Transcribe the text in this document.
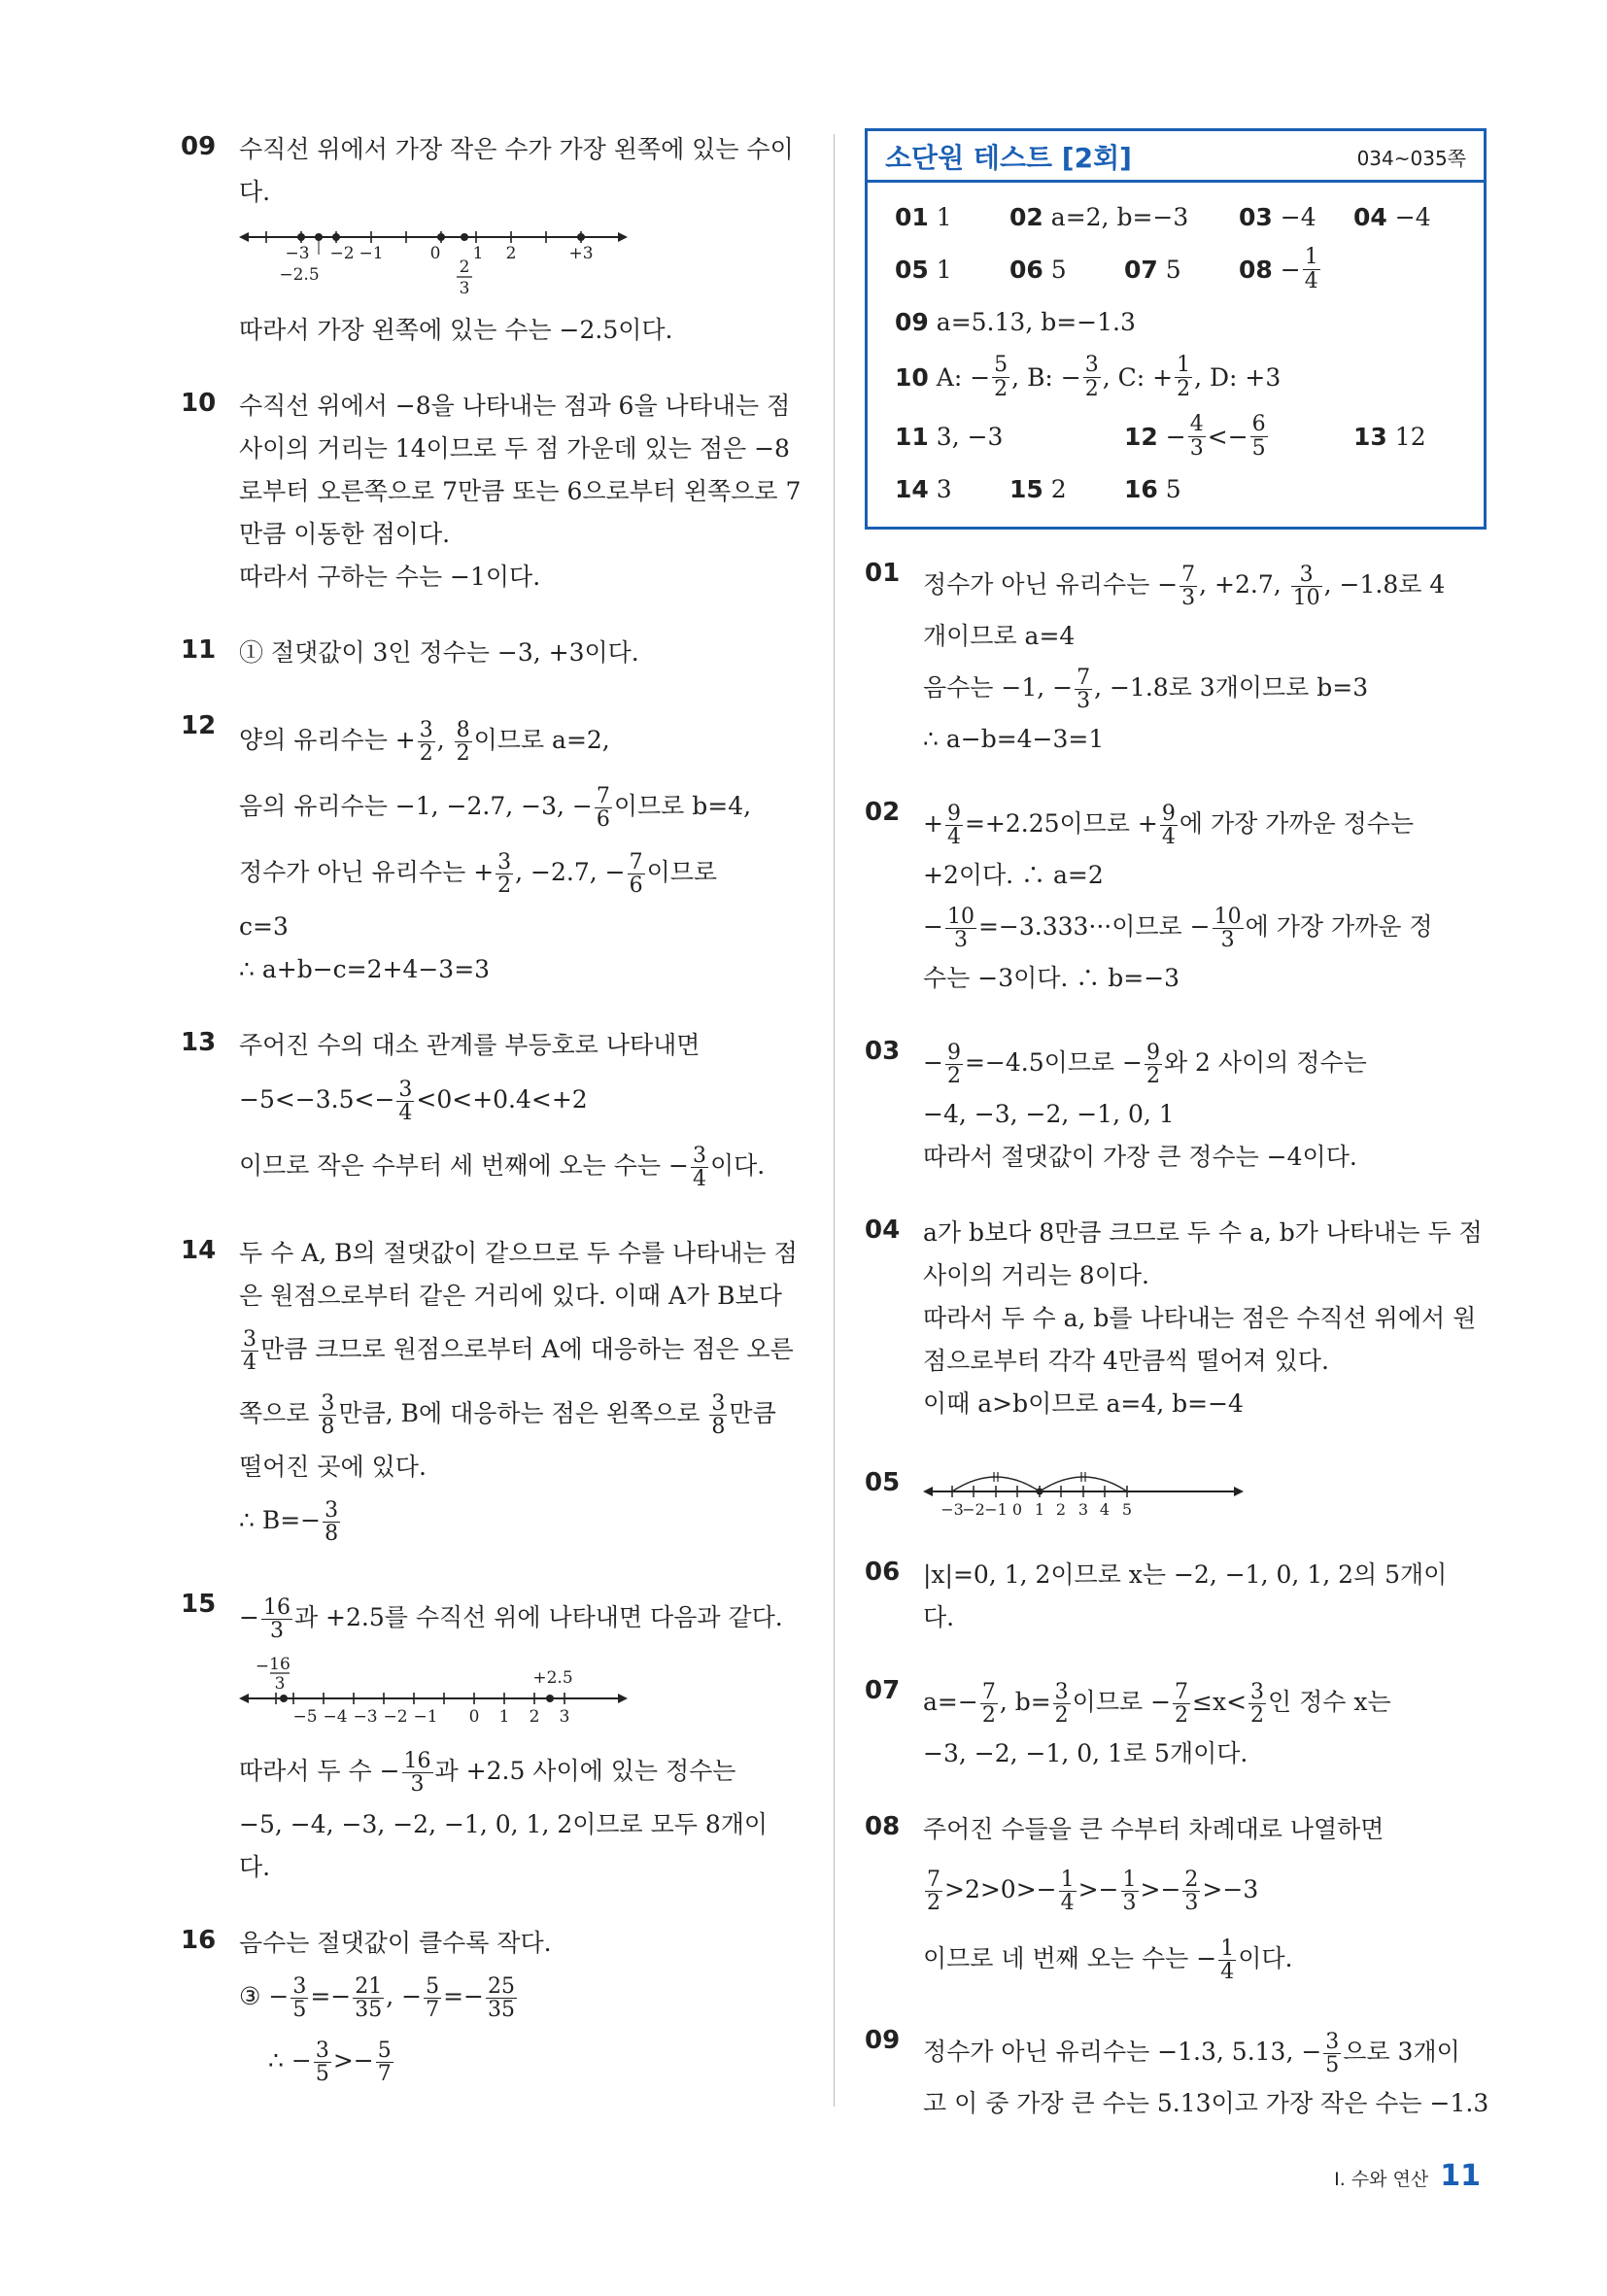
09 수직선 위에서 가장 작은 수가 가장 왼쪽에 있는 수이
다.
−3 −2 −1	0 1 2	+3
−2.5	2
3
따라서 가장 왼쪽에 있는 수는 −2.5이다.
10 수직선 위에서 −8을 나타내는 점과 6을 나타내는 점
사이의 거리는 14이므로 두 점 가운데 있는 점은 −8
로부터 오른쪽으로 7만큼 또는 6으로부터 왼쪽으로 7
만큼 이동한 점이다.
따라서 구하는 수는 −1이다.
11 ① 절댓값이 3인 정수는 −3, +3이다.
12 양의 유리수는 + $\frac{3}{2}$ , $\frac{8}{2}$ 이므로 a=2,
음의 유리수는 −1, −2.7, −3, − $\frac{7}{6}$ 이므로 b=4,
정수가 아닌 유리수는 + $\frac{3}{2}$ , −2.7, − $\frac{7}{6}$ 이므로
c=3
∴ a+b−c=2+4−3=3
13 주어진 수의 대소 관계를 부등호로 나타내면
$-5<-3.5<- \frac{3}{4} <0<+0.4<+2$
이므로 작은 수부터 세 번째에 오는 수는 − $\frac{3}{4}$ 이다.
14 두 수 A, B의 절댓값이 같으므로 두 수를 나타내는 점
은 원점으로부터 같은 거리에 있다. 이때 A가 B보다
$\frac{3}{4}$ 만큼 크므로 원점으로부터 A에 대응하는 점은 오른
쪽으로 $\frac{3}{8}$ 만큼, B에 대응하는 점은 왼쪽으로 $\frac{3}{8}$ 만큼
떨어진 곳에 있다.
∴ $B=- \frac{3}{8}$
$15 - \frac{16}{3}$ 과 +2.5를 수직선 위에 나타내면 다음과 같다.
− 16
3	+2.5
−5 −4 −3 −2 −1 0 1 2 3
따라서 두 수 − $\frac{16}{3}$ 과 +2.5 사이에 있는 정수는
−5, −4, −3, −2, −1, 0, 1, 2이므로 모두 8개이
다.
16 음수는 절댓값이 클수록 작다.
③ − $\frac{3}{5} =- \frac{21}{35}$ , − $\frac{5}{7} =- \frac{25}{35}$
∴ − $\frac{3}{5} >- \frac{5}{7}$
소단원 테스트 [2회]	034~035쪽
01 1 02 a=2, b=−3 03 −4 04 −4
05 1 06 5 07 5 $08 - \frac{1}{4}$
09 a=5.13, b=−1.3
10 A: − $\frac{5}{2}$ , B: − $\frac{3}{2}$ , C: + $\frac{1}{2}$ , D: +3
11 3, −3	$12 - \frac{4}{3} <- \frac{6}{5}$	13 12
14 3 15 2 16 5
01 정수가 아닌 유리수는 − $\frac{7}{3}$ , +2.7, $\frac{3}{10}$ , −1.8로 4
개이므로 a=4
음수는 −1, − $\frac{7}{3}$ , −1.8로 3개이므로 b=3
∴ a−b=4−3=1
$02 + \frac{9}{4} =+2.25$이므로 + $\frac{9}{4}$ 에 가장 가까운 정수는
+2이다. ∴ a=2
− $\frac{10}{3} =-3.333\cdot\cdot\cdot$이므로 − $\frac{10}{3}$ 에 가장 가까운 정
수는 −3이다. ∴ b=−3
$03 - \frac{9}{2} =-4.5$이므로 − $\frac{9}{2}$ 와 2 사이의 정수는
−4, −3, −2, −1, 0, 1
따라서 절댓값이 가장 큰 정수는 −4이다.
04 a가 b보다 8만큼 크므로 두 수 a, b가 나타내는 두 점
사이의 거리는 8이다.
따라서 두 수 a, b를 나타내는 점은 수직선 위에서 원
점으로부터 각각 4만큼씩 떨어져 있다.
이때 a>b이므로 a=4, b=−4
05
−3
−2 −1 0 1 2 3 4 5
06 |x|=0, 1, 2이므로 x는 −2, −1, 0, 1, 2의 5개이
다.
07 $a=- \frac{7}{2}$ , $b= \frac{3}{2}$ 이므로 − $\frac{7}{2} \le x< \frac{3}{2}$ 인 정수 x는
−3, −2, −1, 0, 1로 5개이다.
08 주어진 수들을 큰 수부터 차례대로 나열하면
$\frac{7}{2} >2>0>- \frac{1}{4} >- \frac{1}{3} >- \frac{2}{3} >-3$
이므로 네 번째 오는 수는 − $\frac{1}{4}$ 이다.
09 정수가 아닌 유리수는 −1.3, 5.13, − $\frac{3}{5}$ 으로 3개이
고 이 중 가장 큰 수는 5.13이고 가장 작은 수는 −1.3
Ⅰ. 수와 연산 11
